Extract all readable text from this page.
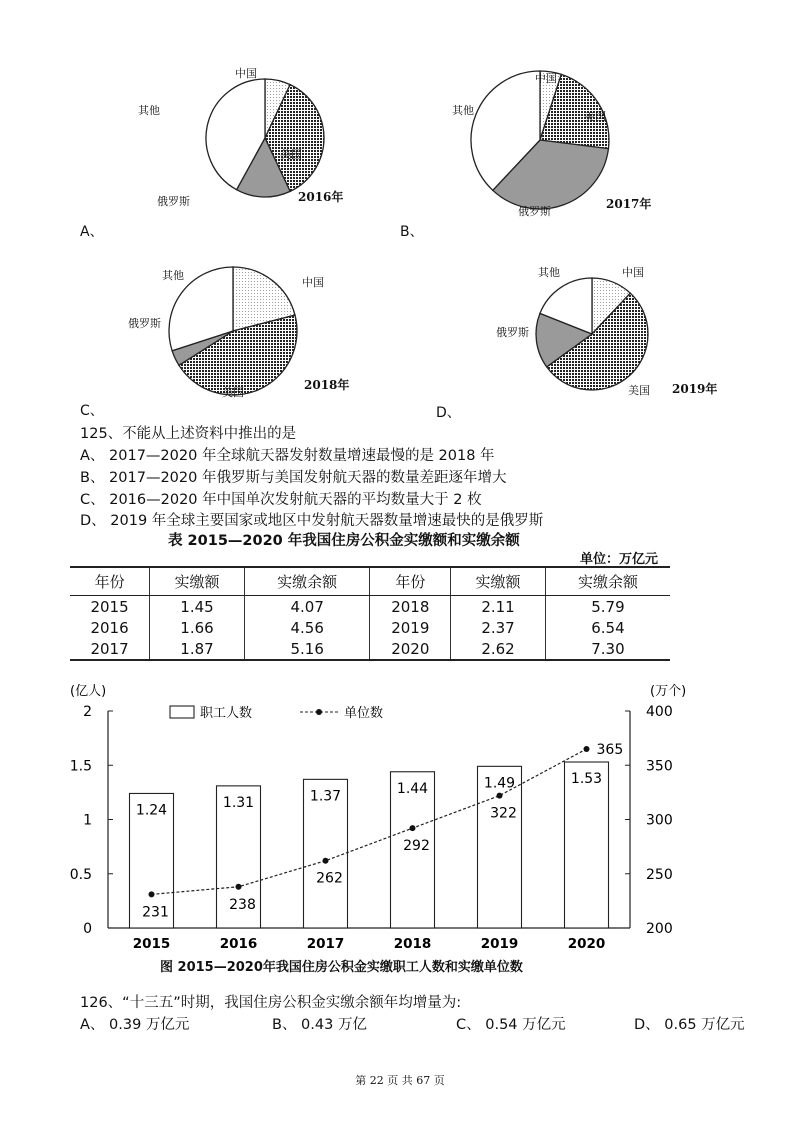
中国
其他
美国
俄罗斯	2016年
A、
中国
其他	美国
俄罗斯
2017年
B、
中国
其他
俄罗斯
美国
2018年
C、
其他	中国
俄罗斯
美国 2019年
D、
125、不能从上述资料中推出的是
A、 2017—2020 年全球航天器发射数量增速最慢的是 2018 年
B、 2017—2020 年俄罗斯与美国发射航天器的数量差距逐年增大
C、 2016—2020 年中国单次发射航天器的平均数量大于 2 枚
D、 2019 年全球主要国家或地区中发射航天器数量增速最快的是俄罗斯
表 2015—2020 年我国住房公积金实缴额和实缴余额
单位：万亿元
年份	实缴额	实缴余额	年份	实缴额	实缴余额
2015	1.45	4.07	2018	2.11	5.79
2016	1.66	4.56	2019	2.37	6.54
2017	1.87	5.16	2020	2.62	7.30
(亿人)	(万个)
2
1.5
1
0.5
0
400
350
300
250
200
1.24
2015
1.31
2016
1.37
2017
1.44
2018
1.49
2019
1.53
2020
231	238
262
292
322
365
职工人数	单位数
图 2015—2020年我国住房公积金实缴职工人数和实缴单位数
126、“十三五”时期，我国住房公积金实缴余额年均增量为:
A、 0.39 万亿元	B、 0.43 万亿	C、 0.54 万亿元	D、 0.65 万亿元
第 22 页 共 67 页
